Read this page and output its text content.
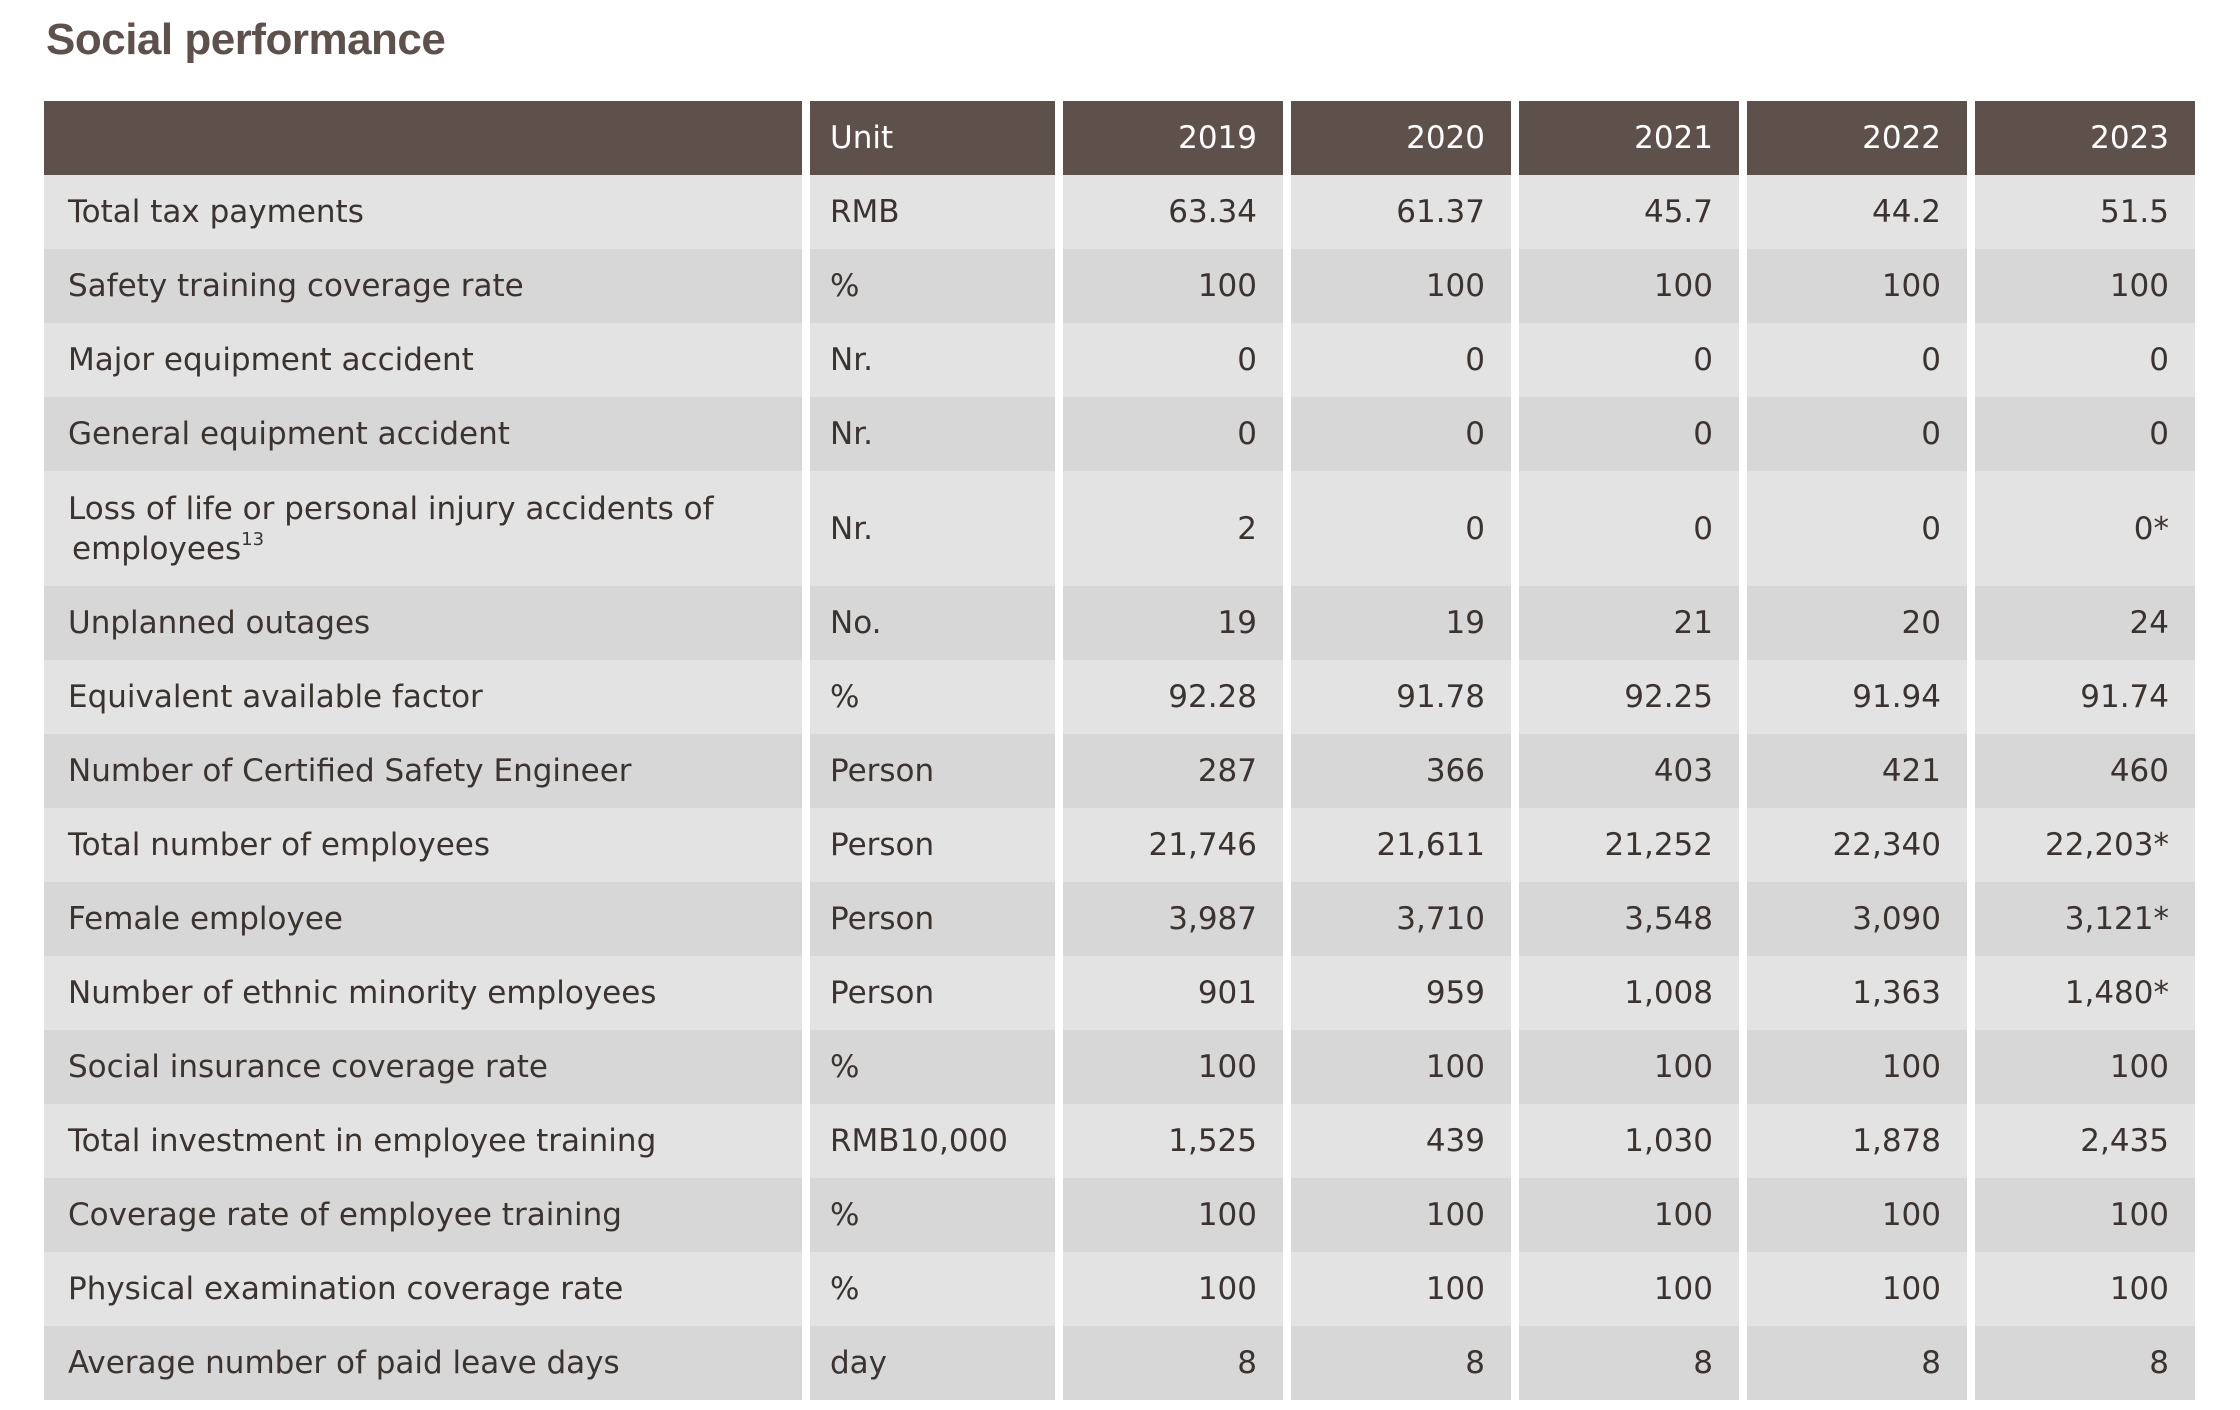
Social performance
	Unit	2019	2020	2021	2022	2023
Total tax payments	RMB	63.34	61.37	45.7	44.2	51.5
Safety training coverage rate	%	100	100	100	100	100
Major equipment accident	Nr.	0	0	0	0	0
General equipment accident	Nr.	0	0	0	0	0
Loss of life or personal injury accidents of
employees$^{13}$	Nr.	2	0	0	0	0*
Unplanned outages	No.	19	19	21	20	24
Equivalent available factor	%	92.28	91.78	92.25	91.94	91.74
Number of Certified Safety Engineer	Person	287	366	403	421	460
Total number of employees	Person	21,746	21,611	21,252	22,340	22,203*
Female employee	Person	3,987	3,710	3,548	3,090	3,121*
Number of ethnic minority employees	Person	901	959	1,008	1,363	1,480*
Social insurance coverage rate	%	100	100	100	100	100
Total investment in employee training	RMB10,000	1,525	439	1,030	1,878	2,435
Coverage rate of employee training	%	100	100	100	100	100
Physical examination coverage rate	%	100	100	100	100	100
Average number of paid leave days	day	8	8	8	8	8
